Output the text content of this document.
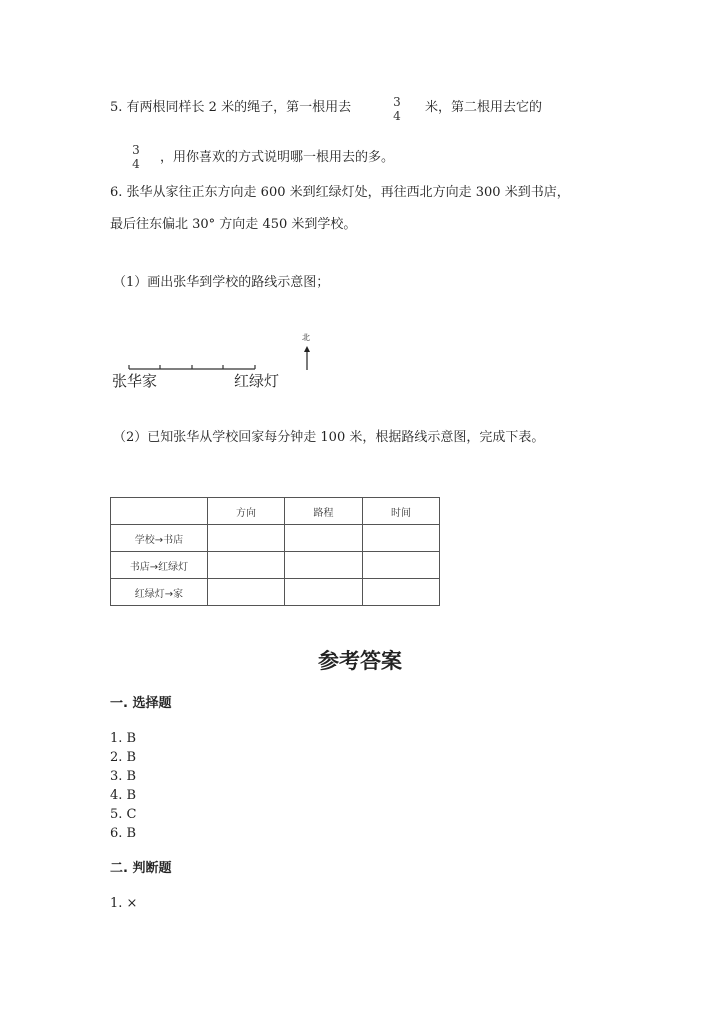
5. 有两根同样长 2 米的绳子，第一根用去	3
4
米，第二根用去它的
3
4 ，用你喜欢的方式说明哪一根用去的多。
6. 张华从家往正东方向走 600 米到红绿灯处，再往西北方向走 300 米到书店，
最后往东偏北 30° 方向走 450 米到学校。
（1）画出张华到学校的路线示意图；
北
张华家	红绿灯
（2）已知张华从学校回家每分钟走 100 米，根据路线示意图，完成下表。
	方向	路程	时间
学校→书店			
书店→红绿灯			
红绿灯→家			
参考答案
一. 选择题
1. B
2. B
3. B
4. B
5. C
6. B
二. 判断题
1. ×
